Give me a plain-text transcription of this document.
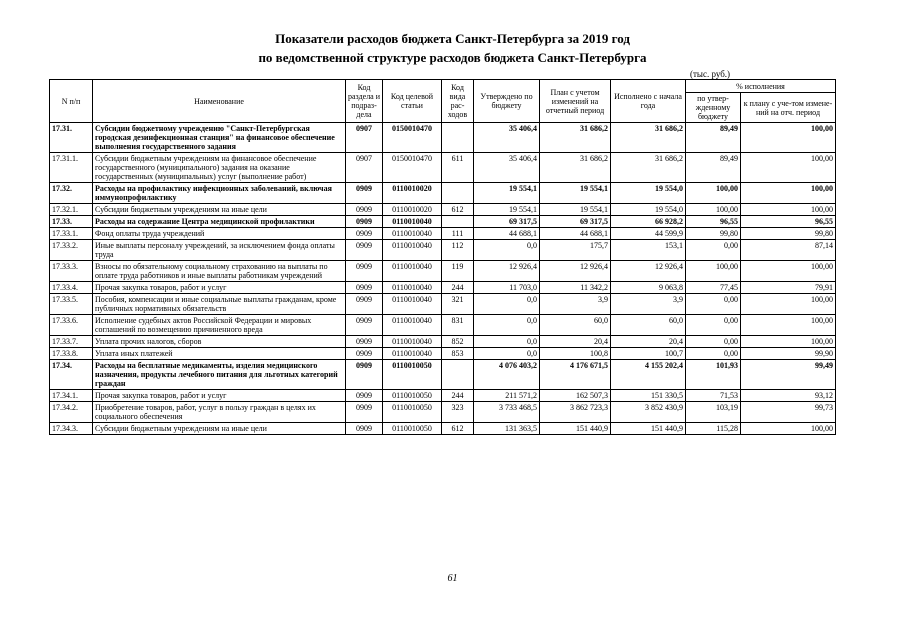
Показатели расходов бюджета Санкт-Петербурга за 2019 год
по ведомственной структуре расходов бюджета Санкт-Петербурга
(тыс. руб.)
N п/п	Наименование	Код раздела и подраз-дела	Код целевой статьи	Код вида рас-ходов	Утверждено по бюджету	План с учетом изменений на отчетный период	Исполнено с начала года	% исполнения	
								по утвер-жденному бюджету	к плану с уче-том измене-ний на отч. период
17.31.	Субсидии бюджетному учреждению "Санкт-Петербургская городская дезинфекционная станция" на финансовое обеспечение выполнения государственного задания	0907	0150010470		35 406,4	31 686,2	31 686,2	89,49	100,00
17.31.1.	Субсидии бюджетным учреждениям на финансовое обеспечение государственного (муниципального) задания на оказание государственных (муниципальных) услуг (выполнение работ)	0907	0150010470	611	35 406,4	31 686,2	31 686,2	89,49	100,00
17.32.	Расходы на профилактику инфекционных заболеваний, включая иммунопрофилактику	0909	0110010020		19 554,1	19 554,1	19 554,0	100,00	100,00
17.32.1.	Субсидии бюджетным учреждениям на иные цели	0909	0110010020	612	19 554,1	19 554,1	19 554,0	100,00	100,00
17.33.	Расходы на содержание Центра медицинской профилактики	0909	0110010040		69 317,5	69 317,5	66 928,2	96,55	96,55
17.33.1.	Фонд оплаты труда учреждений	0909	0110010040	111	44 688,1	44 688,1	44 599,9	99,80	99,80
17.33.2.	Иные выплаты персоналу учреждений, за исключением фонда оплаты труда	0909	0110010040	112	0,0	175,7	153,1	0,00	87,14
17.33.3.	Взносы по обязательному социальному страхованию на выплаты по оплате труда работников и иные выплаты работникам учреждений	0909	0110010040	119	12 926,4	12 926,4	12 926,4	100,00	100,00
17.33.4.	Прочая закупка товаров, работ и услуг	0909	0110010040	244	11 703,0	11 342,2	9 063,8	77,45	79,91
17.33.5.	Пособия, компенсации и иные социальные выплаты гражданам, кроме публичных нормативных обязательств	0909	0110010040	321	0,0	3,9	3,9	0,00	100,00
17.33.6.	Исполнение судебных актов Российской Федерации и мировых соглашений по возмещению причиненного вреда	0909	0110010040	831	0,0	60,0	60,0	0,00	100,00
17.33.7.	Уплата прочих налогов, сборов	0909	0110010040	852	0,0	20,4	20,4	0,00	100,00
17.33.8.	Уплата иных платежей	0909	0110010040	853	0,0	100,8	100,7	0,00	99,90
17.34.	Расходы на бесплатные медикаменты, изделия медицинского назначения, продукты лечебного питания для льготных категорий граждан	0909	0110010050		4 076 403,2	4 176 671,5	4 155 202,4	101,93	99,49
17.34.1.	Прочая закупка товаров, работ и услуг	0909	0110010050	244	211 571,2	162 507,3	151 330,5	71,53	93,12
17.34.2.	Приобретение товаров, работ, услуг в пользу граждан в целях их социального обеспечения	0909	0110010050	323	3 733 468,5	3 862 723,3	3 852 430,9	103,19	99,73
17.34.3.	Субсидии бюджетным учреждениям на иные цели	0909	0110010050	612	131 363,5	151 440,9	151 440,9	115,28	100,00
61
